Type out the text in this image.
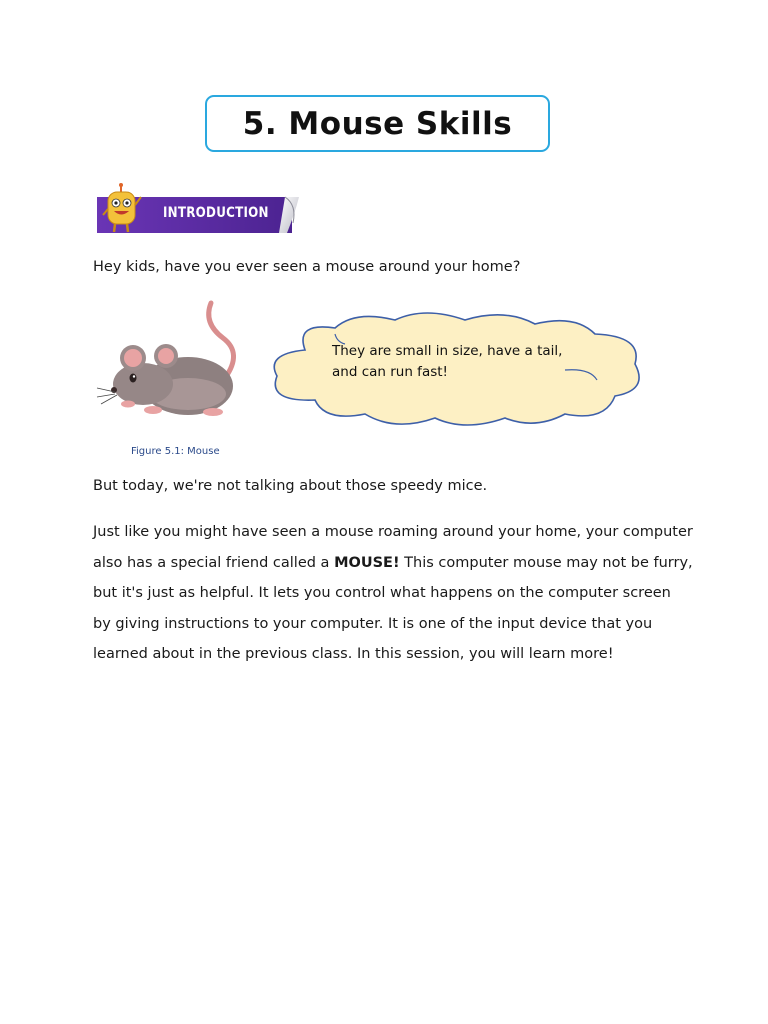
5. Mouse Skills
INTRODUCTION

Hey kids, have you ever seen a mouse around your home?

Figure 5.1: Mouse
They are small in size, have a tail,
and can run fast!

But today, we're not talking about those speedy mice.

Just like you might have seen a mouse roaming around your home, your computer also has a special friend called a MOUSE! This computer mouse may not be furry, but it's just as helpful. It lets you control what happens on the computer screen by giving instructions to your computer. It is one of the input device that you learned about in the previous class. In this session, you will learn more!
